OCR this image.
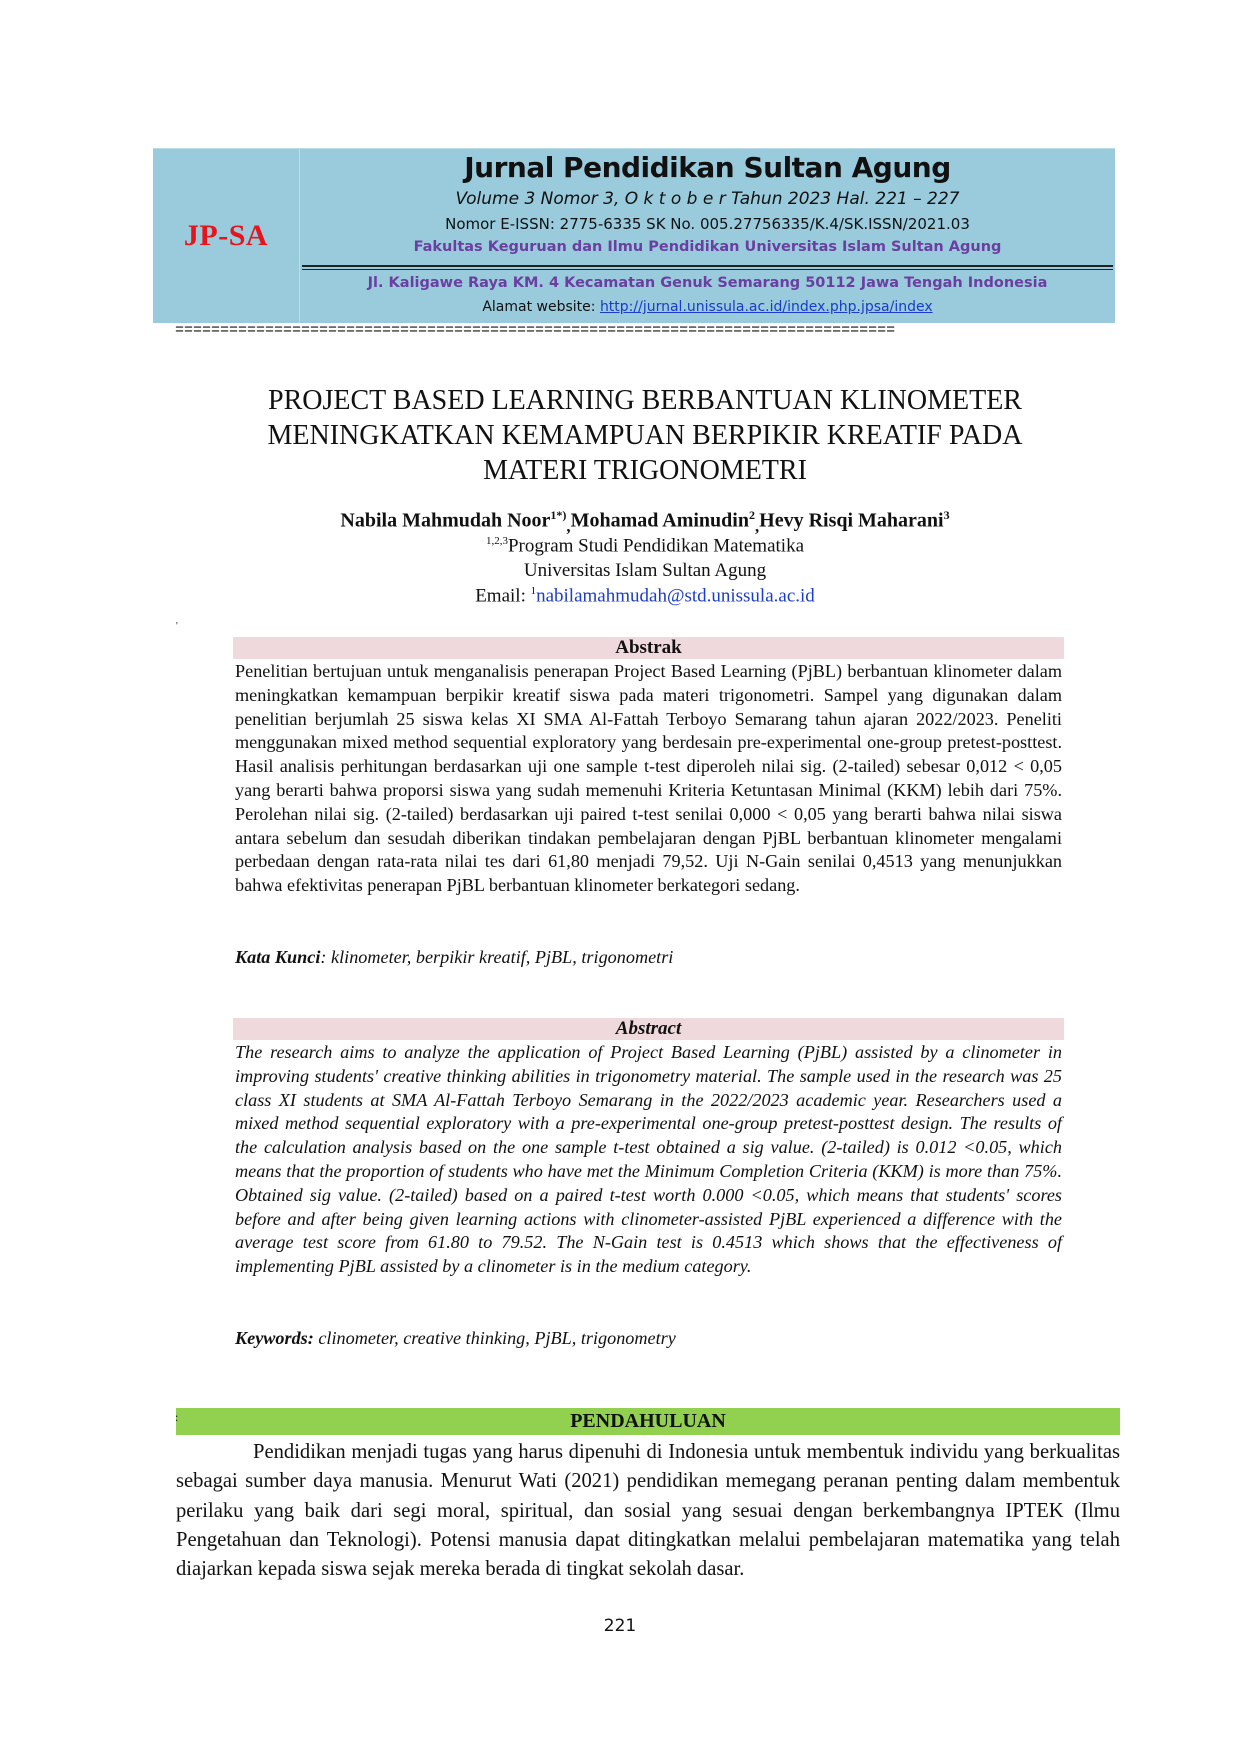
JP-SA
Jurnal Pendidikan Sultan Agung
Volume 3 Nomor 3, O k t o b e r Tahun 2023 Hal. 221 – 227
Nomor E-ISSN: 2775-6335 SK No. 005.27756335/K.4/SK.ISSN/2021.03
Fakultas Keguruan dan Ilmu Pendidikan Universitas Islam Sultan Agung
Jl. Kaligawe Raya KM. 4 Kecamatan Genuk Semarang 50112 Jawa Tengah Indonesia
Alamat website: http://jurnal.unissula.ac.id/index.php.jpsa/index
================================================================================
PROJECT BASED LEARNING BERBANTUAN KLINOMETER
MENINGKATKAN KEMAMPUAN BERPIKIR KREATIF PADA
MATERI TRIGONOMETRI
Nabila Mahmudah Noor$^{1*)}_,$Mohamad Aminudin$^2_,$Hevy Risqi Maharani$^3$
$^{1,2,3}$Program Studi Pendidikan Matematika
Universitas Islam Sultan Agung
Email: $^1$nabilamahmudah@std.unissula.ac.id
'
Abstrak
Penelitian bertujuan untuk menganalisis penerapan Project Based Learning (PjBL) berbantuan klinometer dalam meningkatkan kemampuan berpikir kreatif siswa pada materi trigonometri. Sampel yang digunakan dalam penelitian berjumlah 25 siswa kelas XI SMA Al-Fattah Terboyo Semarang tahun ajaran 2022/2023. Peneliti menggunakan mixed method sequential exploratory yang berdesain pre-experimental one-group pretest-posttest. Hasil analisis perhitungan berdasarkan uji one sample t-test diperoleh nilai sig. (2-tailed) sebesar 0,012 < 0,05 yang berarti bahwa proporsi siswa yang sudah memenuhi Kriteria Ketuntasan Minimal (KKM) lebih dari 75%. Perolehan nilai sig. (2-tailed) berdasarkan uji paired t-test senilai 0,000 < 0,05 yang berarti bahwa nilai siswa antara sebelum dan sesudah diberikan tindakan pembelajaran dengan PjBL berbantuan klinometer mengalami perbedaan dengan rata-rata nilai tes dari 61,80 menjadi 79,52. Uji N-Gain senilai 0,4513 yang menunjukkan bahwa efektivitas penerapan PjBL berbantuan klinometer berkategori sedang.
Kata Kunci: klinometer, berpikir kreatif, PjBL, trigonometri
Abstract
The research aims to analyze the application of Project Based Learning (PjBL) assisted by a clinometer in improving students' creative thinking abilities in trigonometry material. The sample used in the research was 25 class XI students at SMA Al-Fattah Terboyo Semarang in the 2022/2023 academic year. Researchers used a mixed method sequential exploratory with a pre-experimental one-group pretest-posttest design. The results of the calculation analysis based on the one sample t-test obtained a sig value. (2-tailed) is 0.012 <0.05, which means that the proportion of students who have met the Minimum Completion Criteria (KKM) is more than 75%. Obtained sig value. (2-tailed) based on a paired t-test worth 0.000 <0.05, which means that students' scores before and after being given learning actions with clinometer-assisted PjBL experienced a difference with the average test score from 61.80 to 79.52. The N-Gain test is 0.4513 which shows that the effectiveness of implementing PjBL assisted by a clinometer is in the medium category.
Keywords: clinometer, creative thinking, PjBL, trigonometry
PENDAHULUAN
:
Pendidikan menjadi tugas yang harus dipenuhi di Indonesia untuk membentuk individu yang berkualitas sebagai sumber daya manusia. Menurut Wati (2021) pendidikan memegang peranan penting dalam membentuk perilaku yang baik dari segi moral, spiritual, dan sosial yang sesuai dengan berkembangnya IPTEK (Ilmu Pengetahuan dan Teknologi). Potensi manusia dapat ditingkatkan melalui pembelajaran matematika yang telah diajarkan kepada siswa sejak mereka berada di tingkat sekolah dasar.
221
